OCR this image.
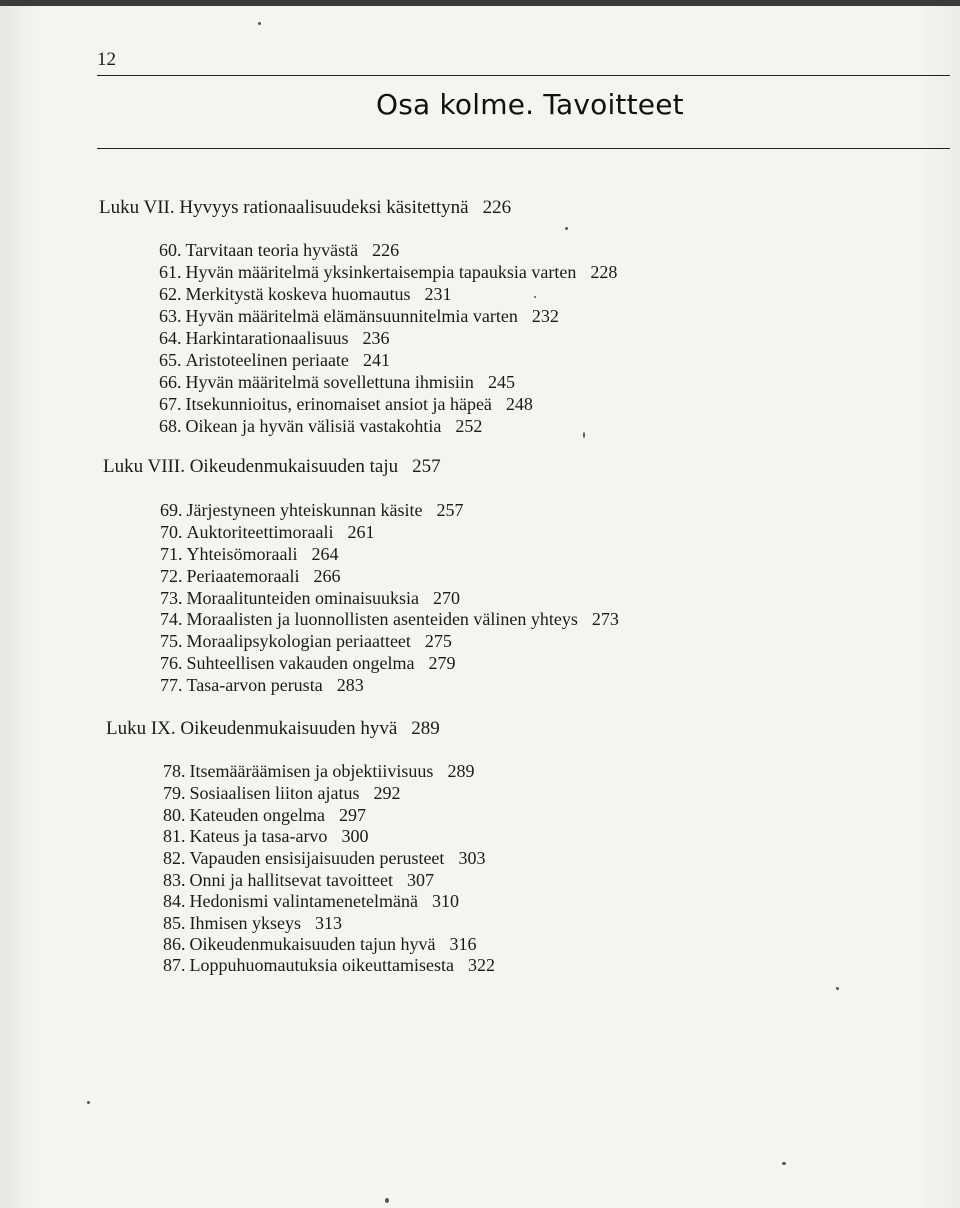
12
Osa kolme. Tavoitteet
Luku VII. Hyvyys rationaalisuudeksi käsitettynä 226
60. Tarvitaan teoria hyvästä 226
61. Hyvän määritelmä yksinkertaisempia tapauksia varten 228
62. Merkitystä koskeva huomautus 231
63. Hyvän määritelmä elämänsuunnitelmia varten 232
64. Harkintarationaalisuus 236
65. Aristoteelinen periaate 241
66. Hyvän määritelmä sovellettuna ihmisiin 245
67. Itsekunnioitus, erinomaiset ansiot ja häpeä 248
68. Oikean ja hyvän välisiä vastakohtia 252
Luku VIII. Oikeudenmukaisuuden taju 257
69. Järjestyneen yhteiskunnan käsite 257
70. Auktoriteettimoraali 261
71. Yhteisömoraali 264
72. Periaatemoraali 266
73. Moraalitunteiden ominaisuuksia 270
74. Moraalisten ja luonnollisten asenteiden välinen yhteys 273
75. Moraalipsykologian periaatteet 275
76. Suhteellisen vakauden ongelma 279
77. Tasa-arvon perusta 283
Luku IX. Oikeudenmukaisuuden hyvä 289
78. Itsemääräämisen ja objektiivisuus 289
79. Sosiaalisen liiton ajatus 292
80. Kateuden ongelma 297
81. Kateus ja tasa-arvo 300
82. Vapauden ensisijaisuuden perusteet 303
83. Onni ja hallitsevat tavoitteet 307
84. Hedonismi valintamenetelmänä 310
85. Ihmisen ykseys 313
86. Oikeudenmukaisuuden tajun hyvä 316
87. Loppuhuomautuksia oikeuttamisesta 322
